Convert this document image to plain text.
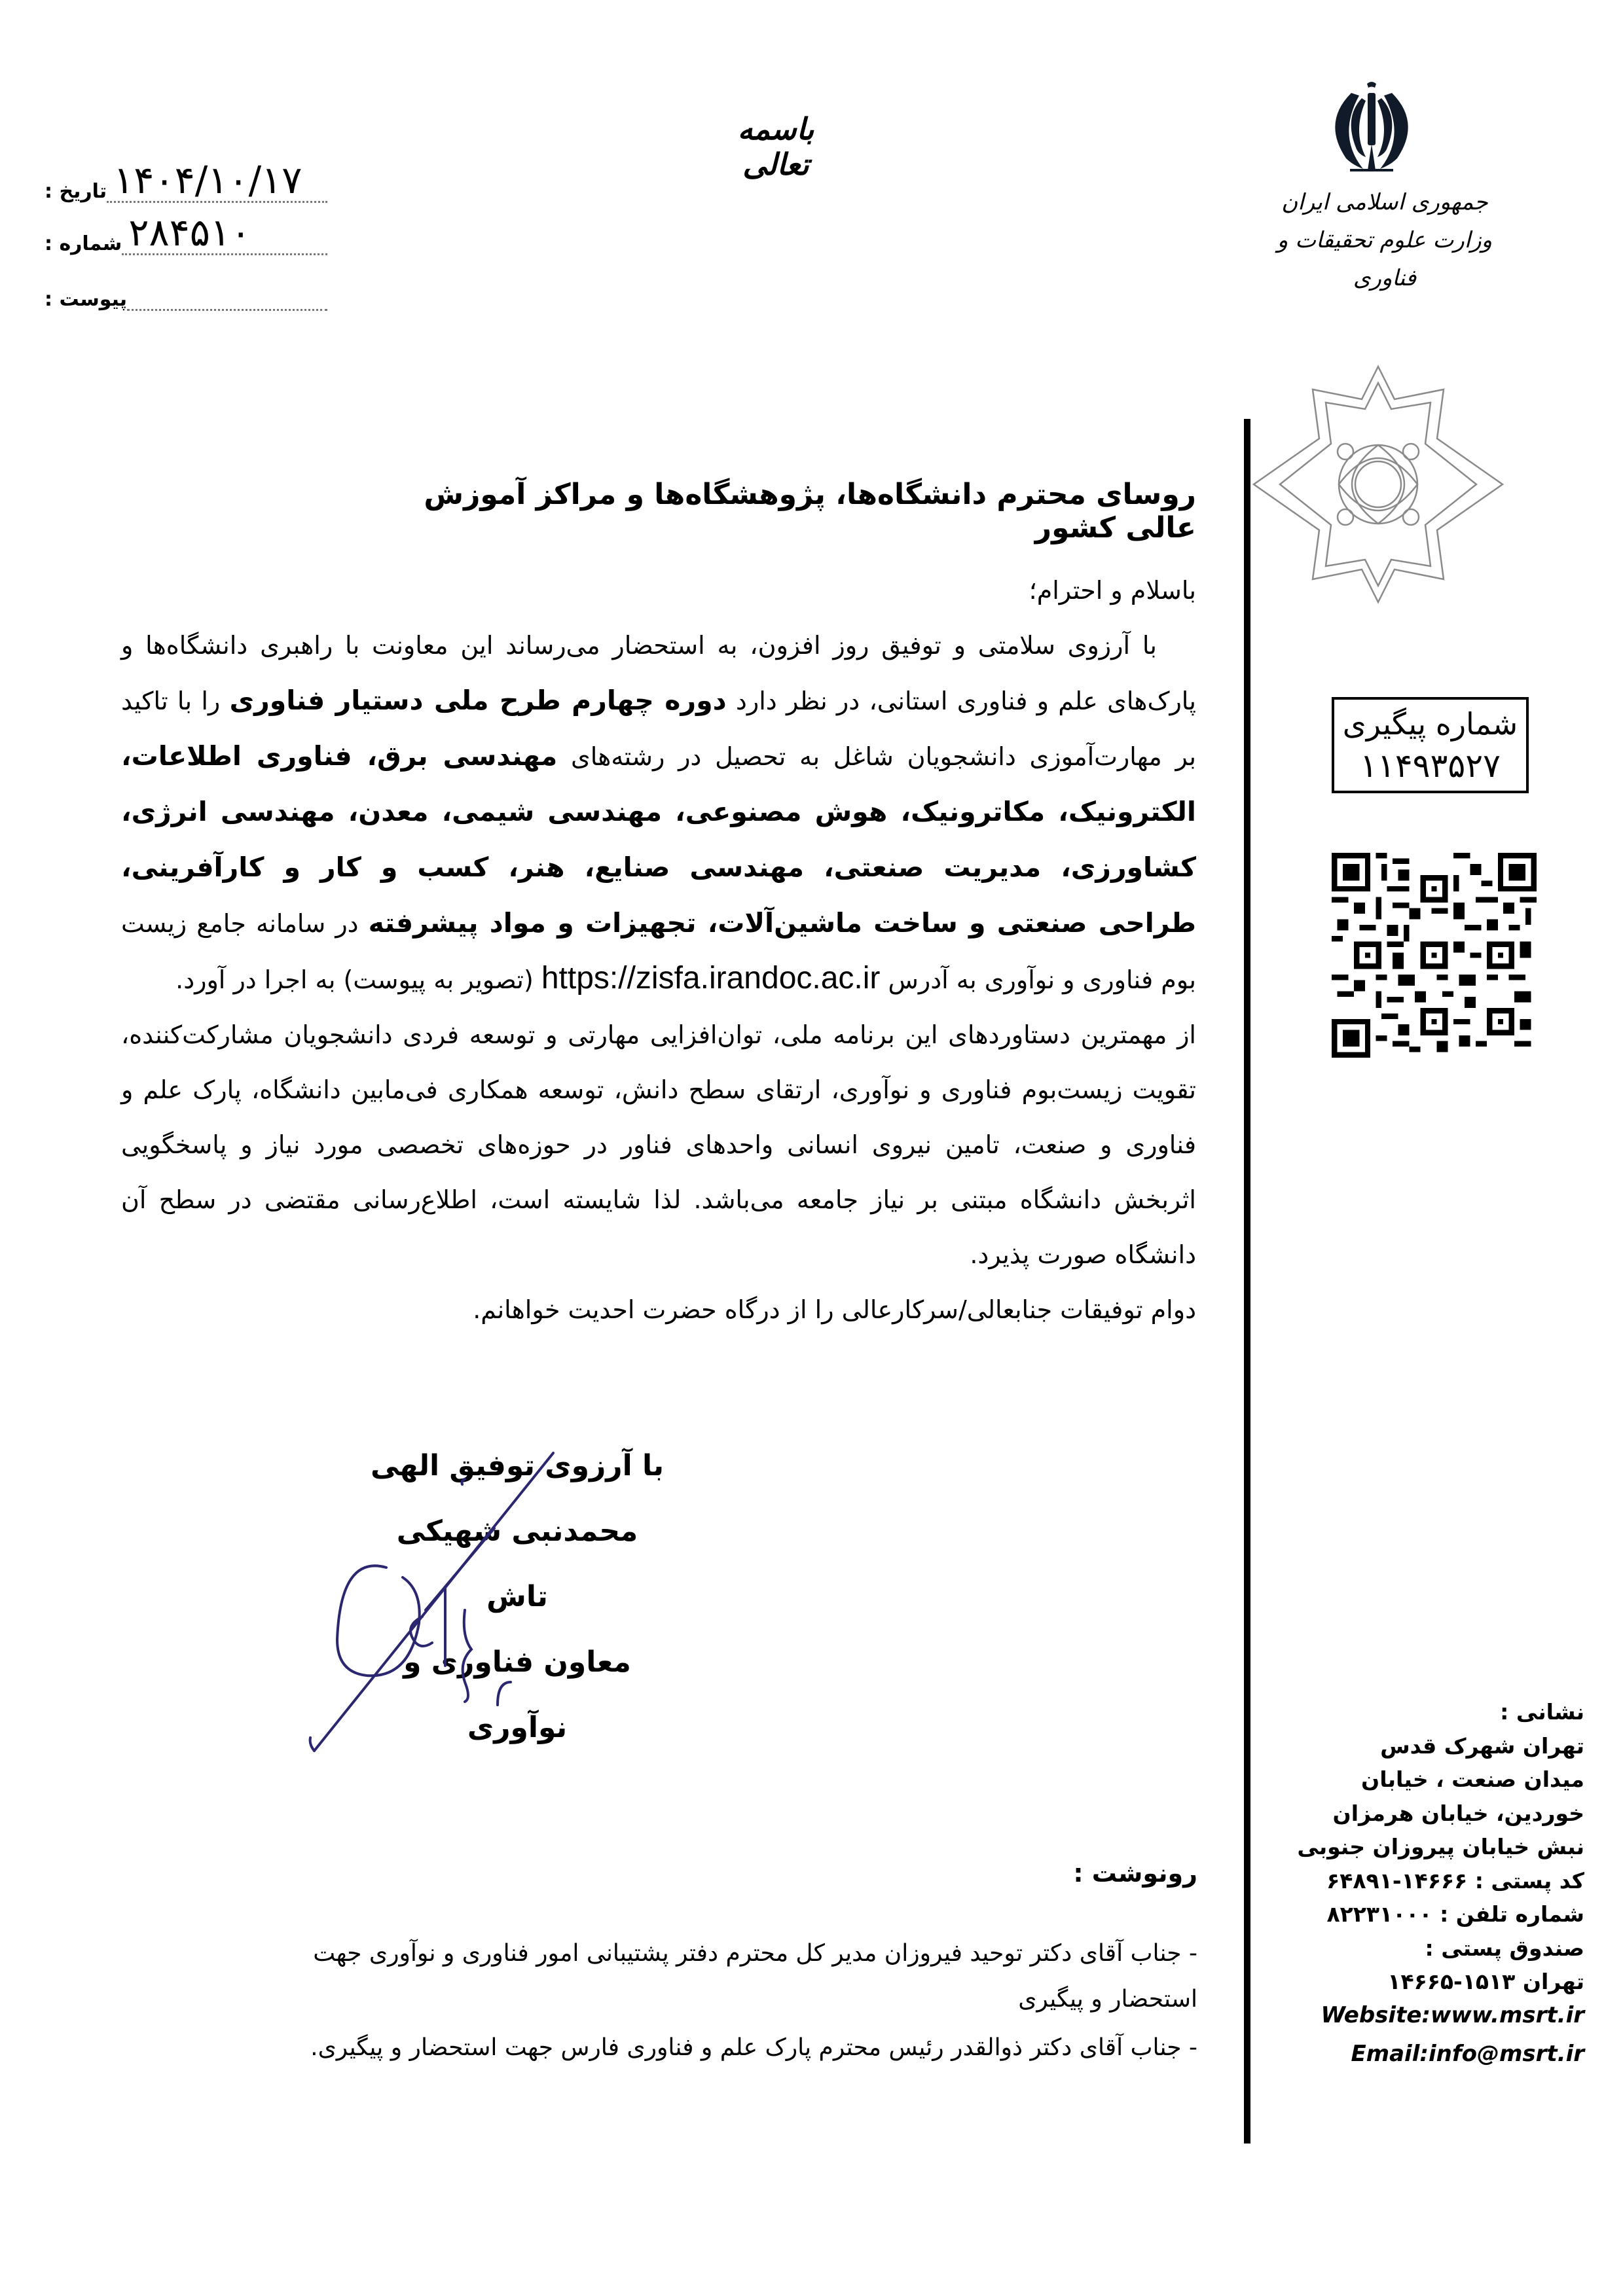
باسمه تعالی
تاریخ : ۱۴۰۴/۱۰/۱۷
شماره : ۲۸۴۵۱۰
پیوست :
جمهوری اسلامی ایران
وزارت علوم تحقیقات و فناوری
شماره پیگیری
۱۱۴۹۳۵۲۷
روسای محترم دانشگاه‌ها، پژوهشگاه‌ها و مراکز آموزش عالی کشور

باسلام و احترام؛

با آرزوی سلامتی و توفیق روز افزون، به استحضار می‌رساند این معاونت با راهبری دانشگاه‌ها و پارک‌های علم و فناوری استانی، در نظر دارد دوره چهارم طرح ملی دستیار فناوری را با تاکید بر مهارت‌آموزی دانشجویان شاغل به تحصیل در رشته‌های مهندسی برق، فناوری اطلاعات، الکترونیک، مکاترونیک، هوش مصنوعی، مهندسی شیمی، معدن، مهندسی انرژی، کشاورزی، مدیریت صنعتی، مهندسی صنایع، هنر، کسب و کار و کارآفرینی، طراحی صنعتی و ساخت ماشین‌آلات، تجهیزات و مواد پیشرفته در سامانه جامع زیست بوم فناوری و نوآوری به آدرس https://zisfa.irandoc.ac.ir (تصویر به پیوست) به اجرا در آورد.

از مهمترین دستاوردهای این برنامه ملی، توان‌افزایی مهارتی و توسعه فردی دانشجویان مشارکت‌کننده، تقویت زیست‌بوم فناوری و نوآوری، ارتقای سطح دانش، توسعه همکاری فی‌مابین دانشگاه، پارک علم و فناوری و صنعت، تامین نیروی انسانی واحدهای فناور در حوزه‌های تخصصی مورد نیاز و پاسخگویی اثربخش دانشگاه مبتنی بر نیاز جامعه می‌باشد. لذا شایسته است، اطلاع‌رسانی مقتضی در سطح آن دانشگاه صورت پذیرد.

دوام توفیقات جنابعالی/سرکارعالی را از درگاه حضرت احدیت خواهانم.

با آرزوی توفیق الهی
محمدنبی شهیکی تاش
معاون فناوری و نوآوری
رونوشت :
- جناب آقای دکتر توحید فیروزان مدیر کل محترم دفتر پشتیبانی امور فناوری و نوآوری جهت استحضار و پیگیری
- جناب آقای دکتر ذوالقدر رئیس محترم پارک علم و فناوری فارس جهت استحضار و پیگیری.
نشانی :
تهران شهرک قدس
میدان صنعت ، خیابان
خوردین، خیابان هرمزان
نبش خیابان پیروزان جنوبی
کد پستی : ۱۴۶۶۶-۶۴۸۹۱
شماره تلفن : ۸۲۲۳۱۰۰۰
صندوق پستی :
تهران ۱۵۱۳-۱۴۶۶۵
Website:www.msrt.ir
Email:info@msrt.ir
